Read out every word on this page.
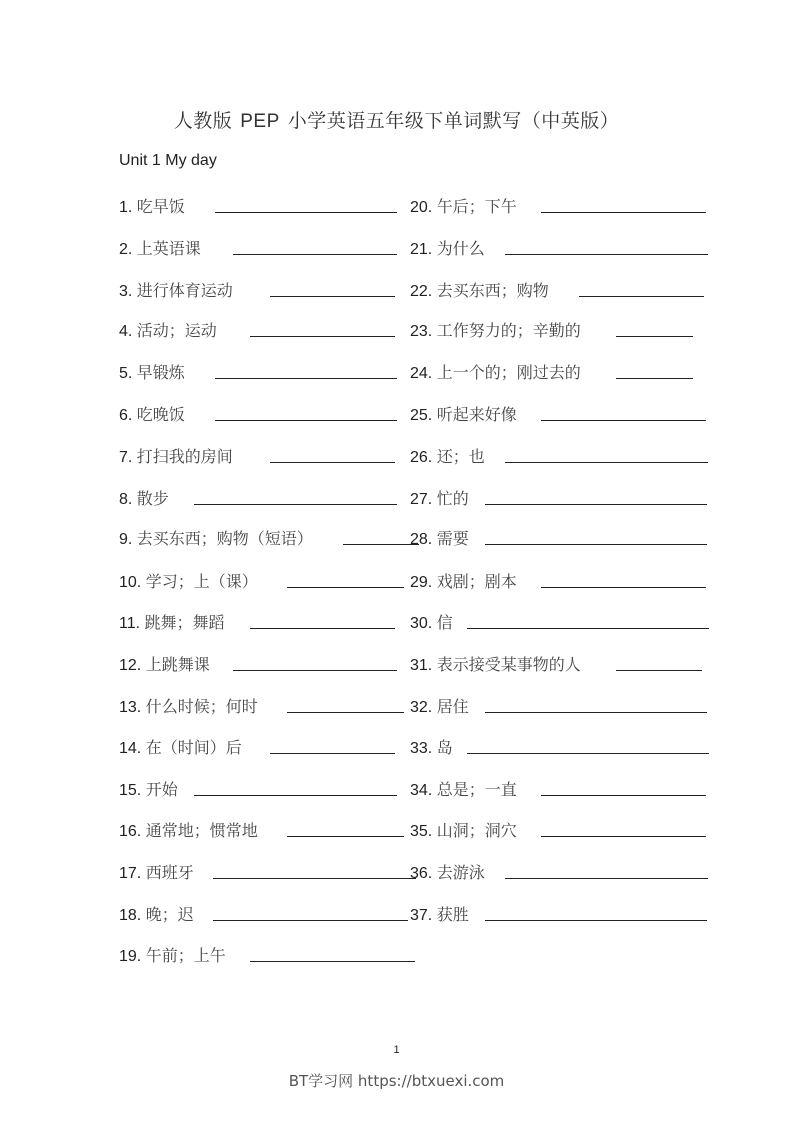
人教版 PEP 小学英语五年级下单词默写（中英版）
Unit 1 My day
1. 吃早饭
2. 上英语课
3. 进行体育运动
4. 活动；运动
5. 早锻炼
6. 吃晚饭
7. 打扫我的房间
8. 散步
9. 去买东西；购物（短语）
10. 学习；上（课）
11. 跳舞；舞蹈
12. 上跳舞课
13. 什么时候；何时
14. 在（时间）后
15. 开始
16. 通常地；惯常地
17. 西班牙
18. 晚；迟
19. 午前；上午
20. 午后；下午
21. 为什么
22. 去买东西；购物
23. 工作努力的；辛勤的
24. 上一个的；刚过去的
25. 听起来好像
26. 还；也
27. 忙的
28. 需要
29. 戏剧；剧本
30. 信
31. 表示接受某事物的人
32. 居住
33. 岛
34. 总是；一直
35. 山洞；洞穴
36. 去游泳
37. 获胜
1
BT学习网 https://btxuexi.com
